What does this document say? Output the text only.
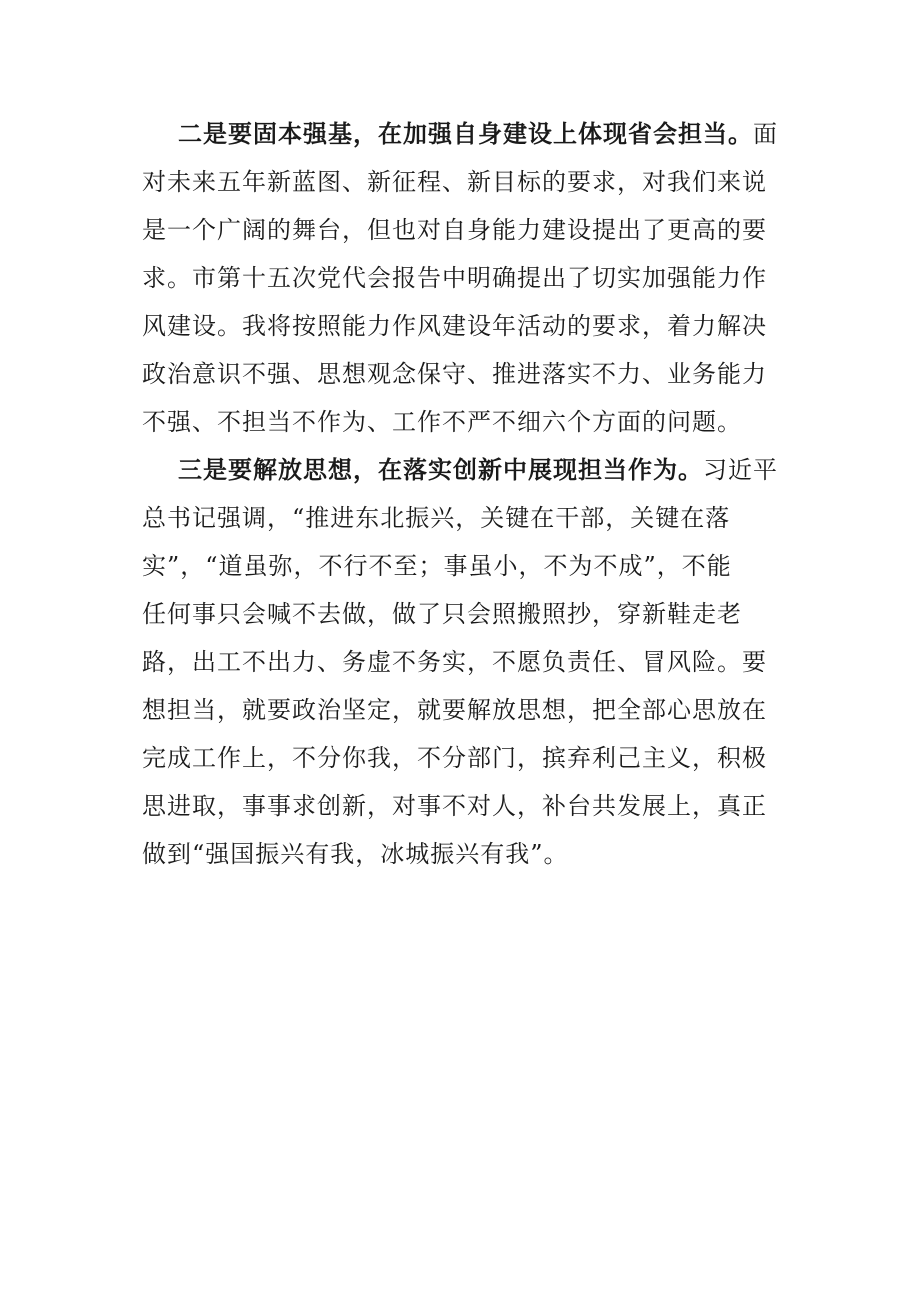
二是要固本强基，在加强自身建设上体现省会担当。面
对未来五年新蓝图、新征程、新目标的要求，对我们来说
是一个广阔的舞台，但也对自身能力建设提出了更高的要
求。市第十五次党代会报告中明确提出了切实加强能力作
风建设。我将按照能力作风建设年活动的要求，着力解决
政治意识不强、思想观念保守、推进落实不力、业务能力
不强、不担当不作为、工作不严不细六个方面的问题。
三是要解放思想，在落实创新中展现担当作为。习近平
总书记强调，“推进东北振兴，关键在干部，关键在落
实”，“道虽弥，不行不至；事虽小，不为不成”，不能
任何事只会喊不去做，做了只会照搬照抄，穿新鞋走老
路，出工不出力、务虚不务实，不愿负责任、冒风险。要
想担当，就要政治坚定，就要解放思想，把全部心思放在
完成工作上，不分你我，不分部门，摈弃利己主义，积极
思进取，事事求创新，对事不对人，补台共发展上，真正
做到“强国振兴有我，冰城振兴有我”。
